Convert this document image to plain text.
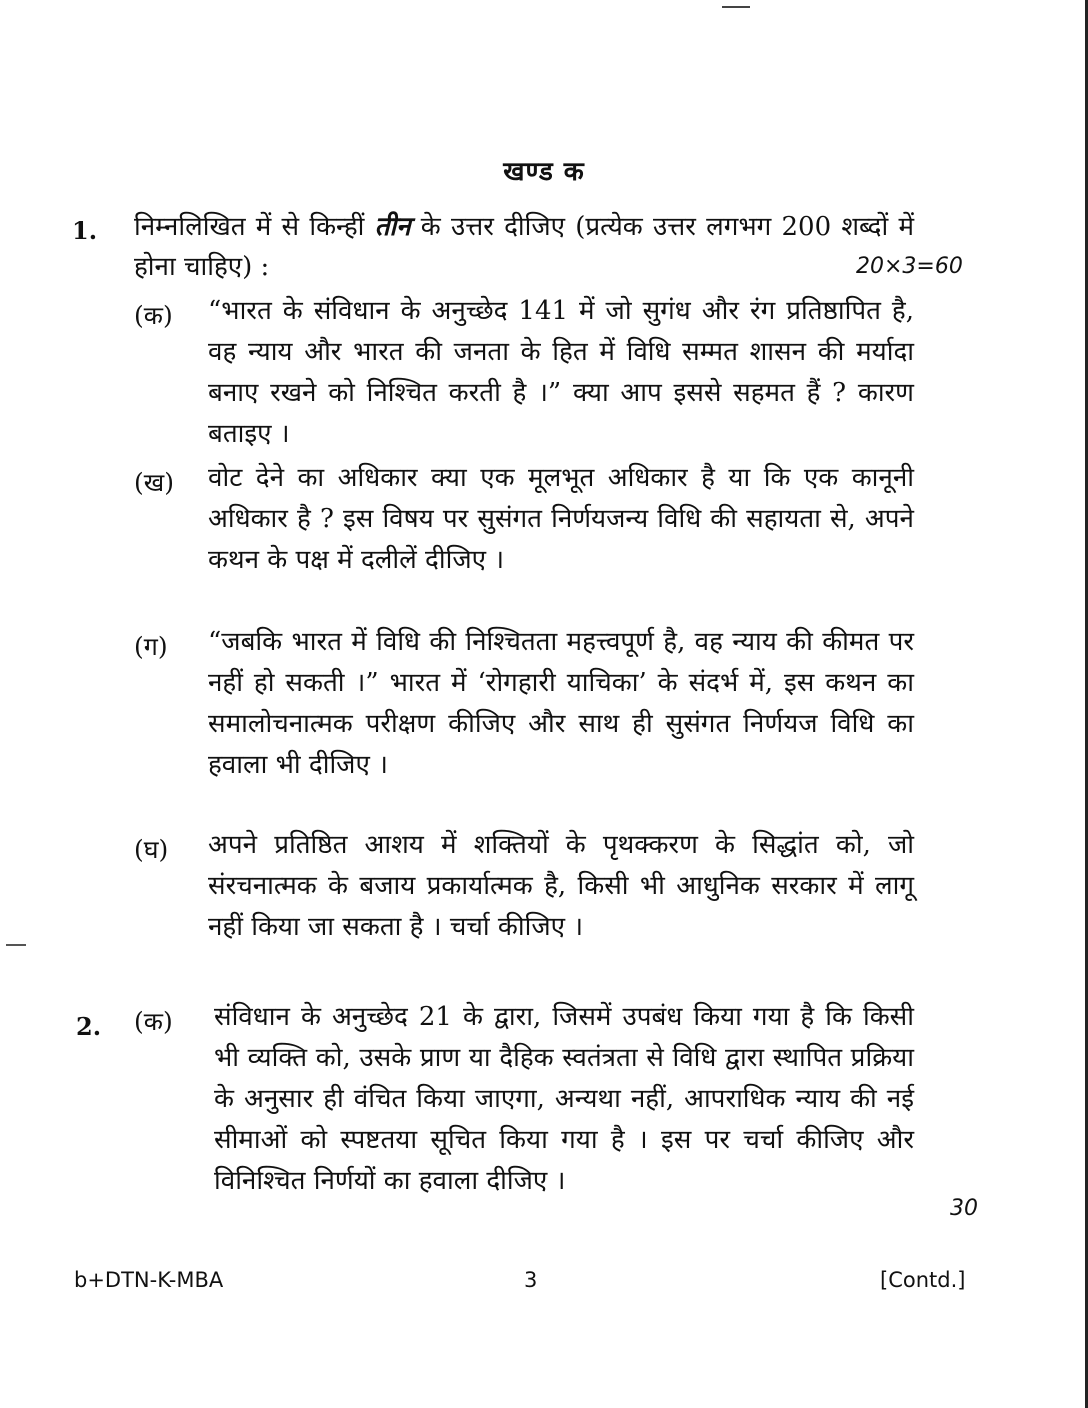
खण्ड क
1. निम्नलिखित में से किन्हीं तीन के उत्तर दीजिए (प्रत्येक उत्तर लगभग 200 शब्दों में होना चाहिए) :	20×3=60
(क) “भारत के संविधान के अनुच्छेद 141 में जो सुगंध और रंग प्रतिष्ठापित है, वह न्याय और भारत की जनता के हित में विधि सम्मत शासन की मर्यादा बनाए रखने को निश्चित करती है ।” क्या आप इससे सहमत हैं ? कारण बताइए ।
(ख) वोट देने का अधिकार क्या एक मूलभूत अधिकार है या कि एक कानूनी अधिकार है ? इस विषय पर सुसंगत निर्णयजन्य विधि की सहायता से, अपने कथन के पक्ष में दलीलें दीजिए ।
(ग) “जबकि भारत में विधि की निश्चितता महत्त्वपूर्ण है, वह न्याय की कीमत पर नहीं हो सकती ।” भारत में ‘रोगहारी याचिका’ के संदर्भ में, इस कथन का समालोचनात्मक परीक्षण कीजिए और साथ ही सुसंगत निर्णयज विधि का हवाला भी दीजिए ।
(घ) अपने प्रतिष्ठित आशय में शक्तियों के पृथक्करण के सिद्धांत को, जो संरचनात्मक के बजाय प्रकार्यात्मक है, किसी भी आधुनिक सरकार में लागू नहीं किया जा सकता है । चर्चा कीजिए ।
2. (क) संविधान के अनुच्छेद 21 के द्वारा, जिसमें उपबंध किया गया है कि किसी भी व्यक्ति को, उसके प्राण या दैहिक स्वतंत्रता से विधि द्वारा स्थापित प्रक्रिया के अनुसार ही वंचित किया जाएगा, अन्यथा नहीं, आपराधिक न्याय की नई सीमाओं को स्पष्टतया सूचित किया गया है । इस पर चर्चा कीजिए और विनिश्चित निर्णयों का हवाला दीजिए ।
30
b+DTN-K-MBA	3	[Contd.]
